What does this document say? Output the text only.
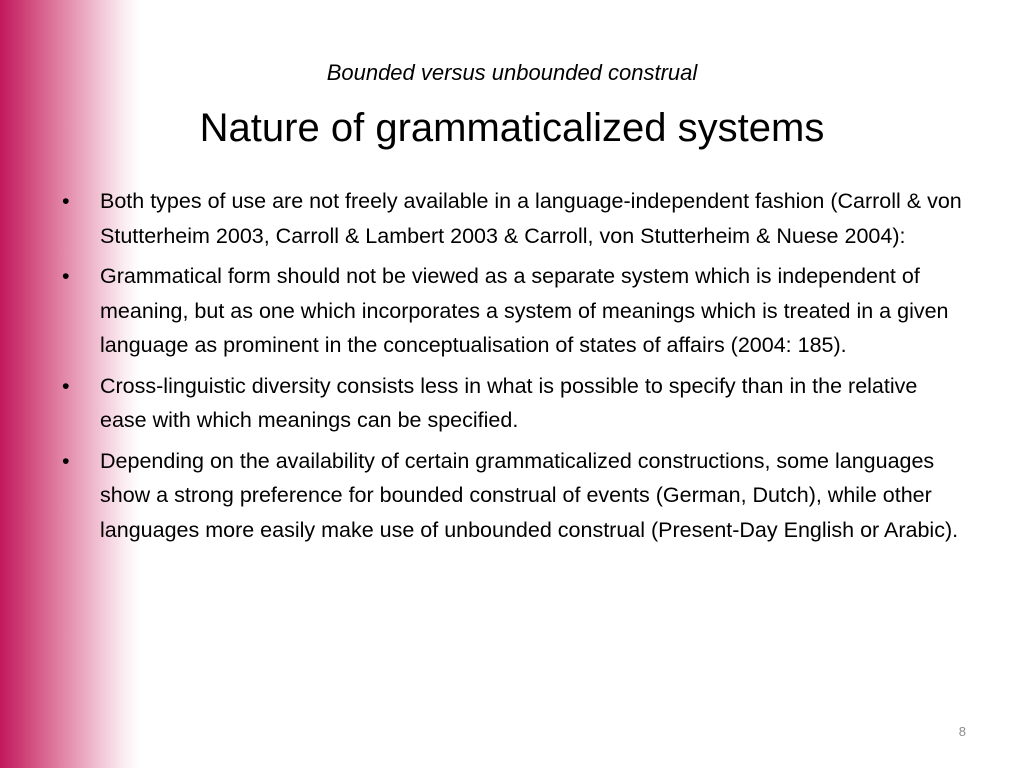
Bounded versus unbounded construal
Nature of grammaticalized systems
• Both types of use are not freely available in a language-independent fashion (Carroll & von Stutterheim 2003, Carroll & Lambert 2003 & Carroll, von Stutterheim & Nuese 2004):
• Grammatical form should not be viewed as a separate system which is independent of meaning, but as one which incorporates a system of meanings which is treated in a given language as prominent in the conceptualisation of states of affairs (2004: 185).
• Cross-linguistic diversity consists less in what is possible to specify than in the relative ease with which meanings can be specified.
• Depending on the availability of certain grammaticalized constructions, some languages show a strong preference for bounded construal of events (German, Dutch), while other languages more easily make use of unbounded construal (Present-Day English or Arabic).
8
